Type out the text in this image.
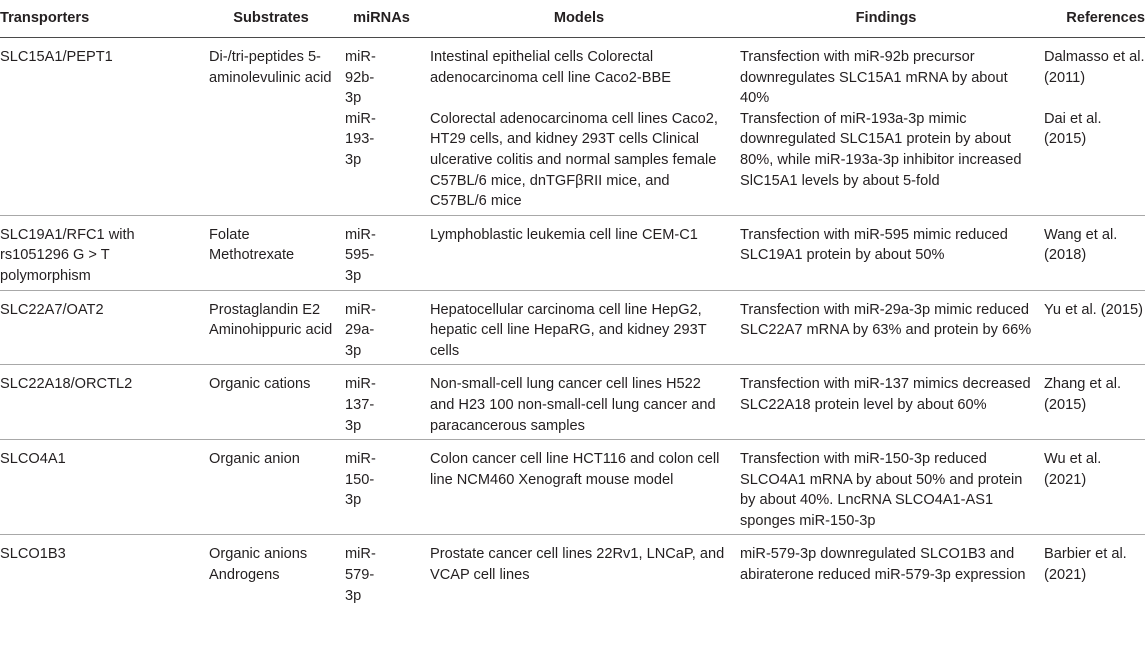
Transporters	Substrates	miRNAs	Models	Findings	References
SLC15A1/PEPT1	Di-/tri-peptides 5-aminolevulinic acid	miR-92b-3p	Intestinal epithelial cells Colorectal adenocarcinoma cell line Caco2-BBE	Transfection with miR-92b precursor downregulates SLC15A1 mRNA by about 40%	Dalmasso et al. (2011)

		miR-193-3p	Colorectal adenocarcinoma cell lines Caco2, HT29 cells, and kidney 293T cells Clinical ulcerative colitis and normal samples female C57BL/6 mice, dnTGFβRII mice, and C57BL/6 mice	Transfection of miR-193a-3p mimic downregulated SLC15A1 protein by about 80%, while miR-193a-3p inhibitor increased SlC15A1 levels by about 5-fold	Dai et al. (2015)
SLC19A1/RFC1 with rs1051296 G > T polymorphism	Folate Methotrexate	miR-595-3p	Lymphoblastic leukemia cell line CEM-C1	Transfection with miR-595 mimic reduced SLC19A1 protein by about 50%	Wang et al. (2018)
SLC22A7/OAT2	Prostaglandin E2 Aminohippuric acid	miR-29a-3p	Hepatocellular carcinoma cell line HepG2, hepatic cell line HepaRG, and kidney 293T cells	Transfection with miR-29a-3p mimic reduced SLC22A7 mRNA by 63% and protein by 66%	Yu et al. (2015)
SLC22A18/ORCTL2	Organic cations	miR-137-3p	Non-small-cell lung cancer cell lines H522 and H23 100 non-small-cell lung cancer and paracancerous samples	Transfection with miR-137 mimics decreased SLC22A18 protein level by about 60%	Zhang et al. (2015)
SLCO4A1	Organic anion	miR-150-3p	Colon cancer cell line HCT116 and colon cell line NCM460 Xenograft mouse model	Transfection with miR-150-3p reduced SLCO4A1 mRNA by about 50% and protein by about 40%. LncRNA SLCO4A1-AS1 sponges miR-150-3p	Wu et al. (2021)
SLCO1B3	Organic anions Androgens	miR-579-3p	Prostate cancer cell lines 22Rv1, LNCaP, and VCAP cell lines	miR-579-3p downregulated SLCO1B3 and abiraterone reduced miR-579-3p expression	Barbier et al. (2021)
